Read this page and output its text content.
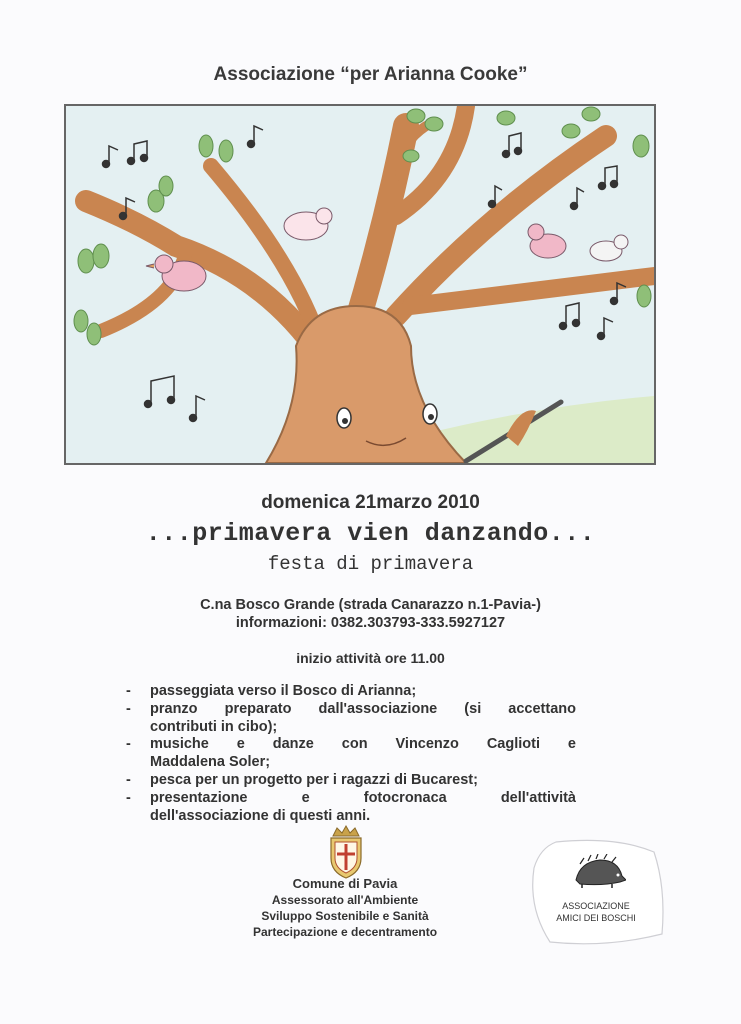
Associazione “per Arianna Cooke”
domenica 21marzo 2010
...primavera vien danzando...
festa di primavera
C.na Bosco Grande (strada Canarazzo n.1-Pavia-)
informazioni: 0382.303793-333.5927127
inizio attività ore 11.00
- passeggiata verso il Bosco di Arianna;
- pranzo preparato dall'associazione (si accettano
contributi in cibo);
- musiche e danze con Vincenzo Caglioti e
Maddalena Soler;
- pesca per un progetto per i ragazzi di Bucarest;
- presentazione e fotocronaca dell'attività
dell'associazione di questi anni.
Comune di Pavia
Assessorato all'Ambiente
Sviluppo Sostenibile e Sanità
Partecipazione e decentramento
ASSOCIAZIONE
AMICI DEI BOSCHI
